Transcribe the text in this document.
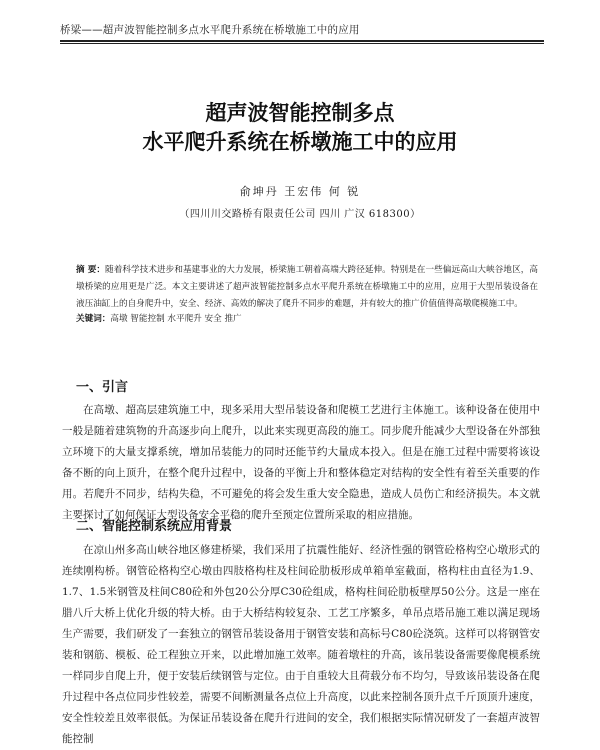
桥梁——超声波智能控制多点水平爬升系统在桥墩施工中的应用
超声波智能控制多点
水平爬升系统在桥墩施工中的应用
俞坤丹 王宏伟 何 锐
（四川川交路桥有限责任公司 四川 广汉 618300）
摘 要：随着科学技术进步和基建事业的大力发展，桥梁施工朝着高端大跨径延伸。特别是在一些偏远高山大峡谷地区，高墩桥梁的应用更是广泛。本文主要讲述了超声波智能控制多点水平爬升系统在桥墩施工中的应用，应用于大型吊装设备在液压油缸上的自身爬升中，安全、经济、高效的解决了爬升不同步的难题，并有较大的推广价值值得高墩爬模施工中。
关键词：高墩 智能控制 水平爬升 安全 推广
一、引言
在高墩、超高层建筑施工中，现多采用大型吊装设备和爬模工艺进行主体施工。该种设备在使用中一般是随着建筑物的升高逐步向上爬升，以此来实现更高段的施工。同步爬升能减少大型设备在外部独立环境下的大量支撑系统，增加吊装能力的同时还能节约大量成本投入。但是在施工过程中需要将该设备不断的向上顶升，在整个爬升过程中，设备的平衡上升和整体稳定对结构的安全性有着至关重要的作用。若爬升不同步，结构失稳，不可避免的将会发生重大安全隐患，造成人员伤亡和经济损失。本文就主要探讨了如何保证大型设备安全平稳的爬升至预定位置所采取的相应措施。
二、智能控制系统应用背景
在凉山州多高山峡谷地区修建桥梁，我们采用了抗震性能好、经济性强的钢管砼格构空心墩形式的连续刚构桥。钢管砼格构空心墩由四肢格构柱及柱间砼肋板形成单箱单室截面，格构柱由直径为1.9、1.7、1.5米钢管及柱间C80砼和外包20公分厚C30砼组成，格构柱间砼肋板壁厚50公分。这是一座在腊八斤大桥上优化升级的特大桥。由于大桥结构较复杂、工艺工序繁多，单吊点塔吊施工难以满足现场生产需要，我们研发了一套独立的钢管吊装设备用于钢管安装和高标号C80砼浇筑。这样可以将钢管安装和钢筋、模板、砼工程独立开来，以此增加施工效率。随着墩柱的升高，该吊装设备需要像爬模系统一样同步自爬上升，便于安装后续钢管与定位。由于自重较大且荷载分布不均匀，导致该吊装设备在爬升过程中各点位同步性较差，需要不间断测量各点位上升高度，以此来控制各顶升点千斤顶顶升速度，安全性较差且效率很低。为保证吊装设备在爬升行进间的安全，我们根据实际情况研发了一套超声波智能控制
